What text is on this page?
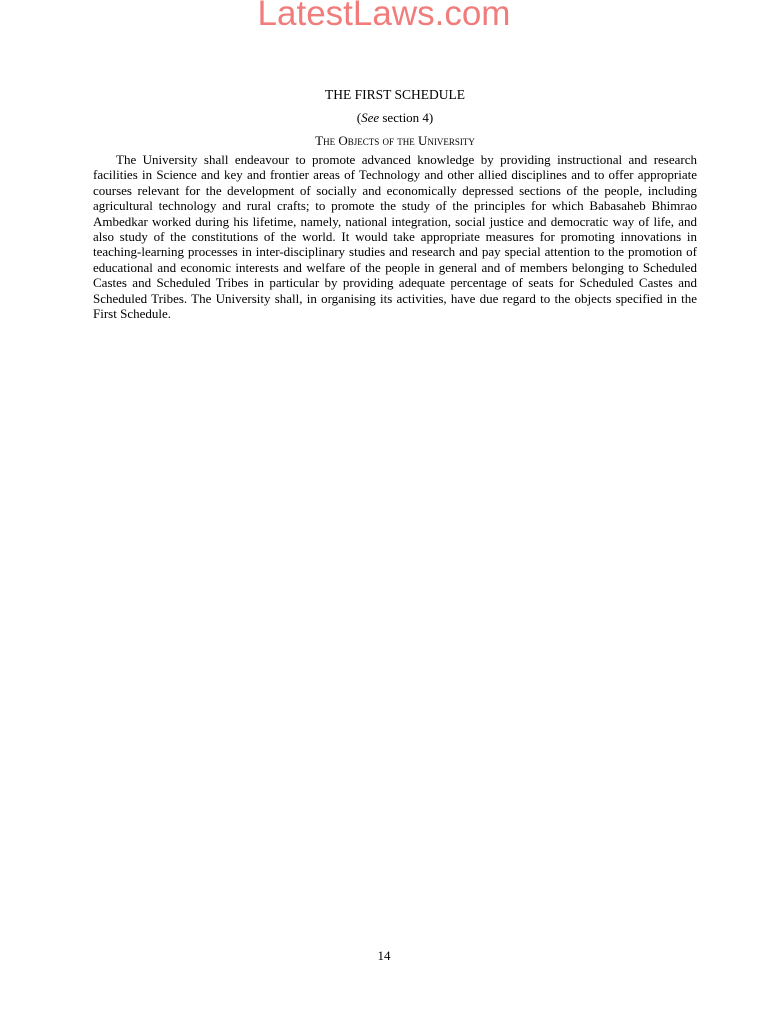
LatestLaws.com

THE FIRST SCHEDULE

(See section 4)

The Objects of the University

The University shall endeavour to promote advanced knowledge by providing instructional and research facilities in Science and key and frontier areas of Technology and other allied disciplines and to offer appropriate courses relevant for the development of socially and economically depressed sections of the people, including agricultural technology and rural crafts; to promote the study of the principles for which Babasaheb Bhimrao Ambedkar worked during his lifetime, namely, national integration, social justice and democratic way of life, and also study of the constitutions of the world. It would take appropriate measures for promoting innovations in teaching-learning processes in inter-disciplinary studies and research and pay special attention to the promotion of educational and economic interests and welfare of the people in general and of members belonging to Scheduled Castes and Scheduled Tribes in particular by providing adequate percentage of seats for Scheduled Castes and Scheduled Tribes. The University shall, in organising its activities, have due regard to the objects specified in the First Schedule.

14
